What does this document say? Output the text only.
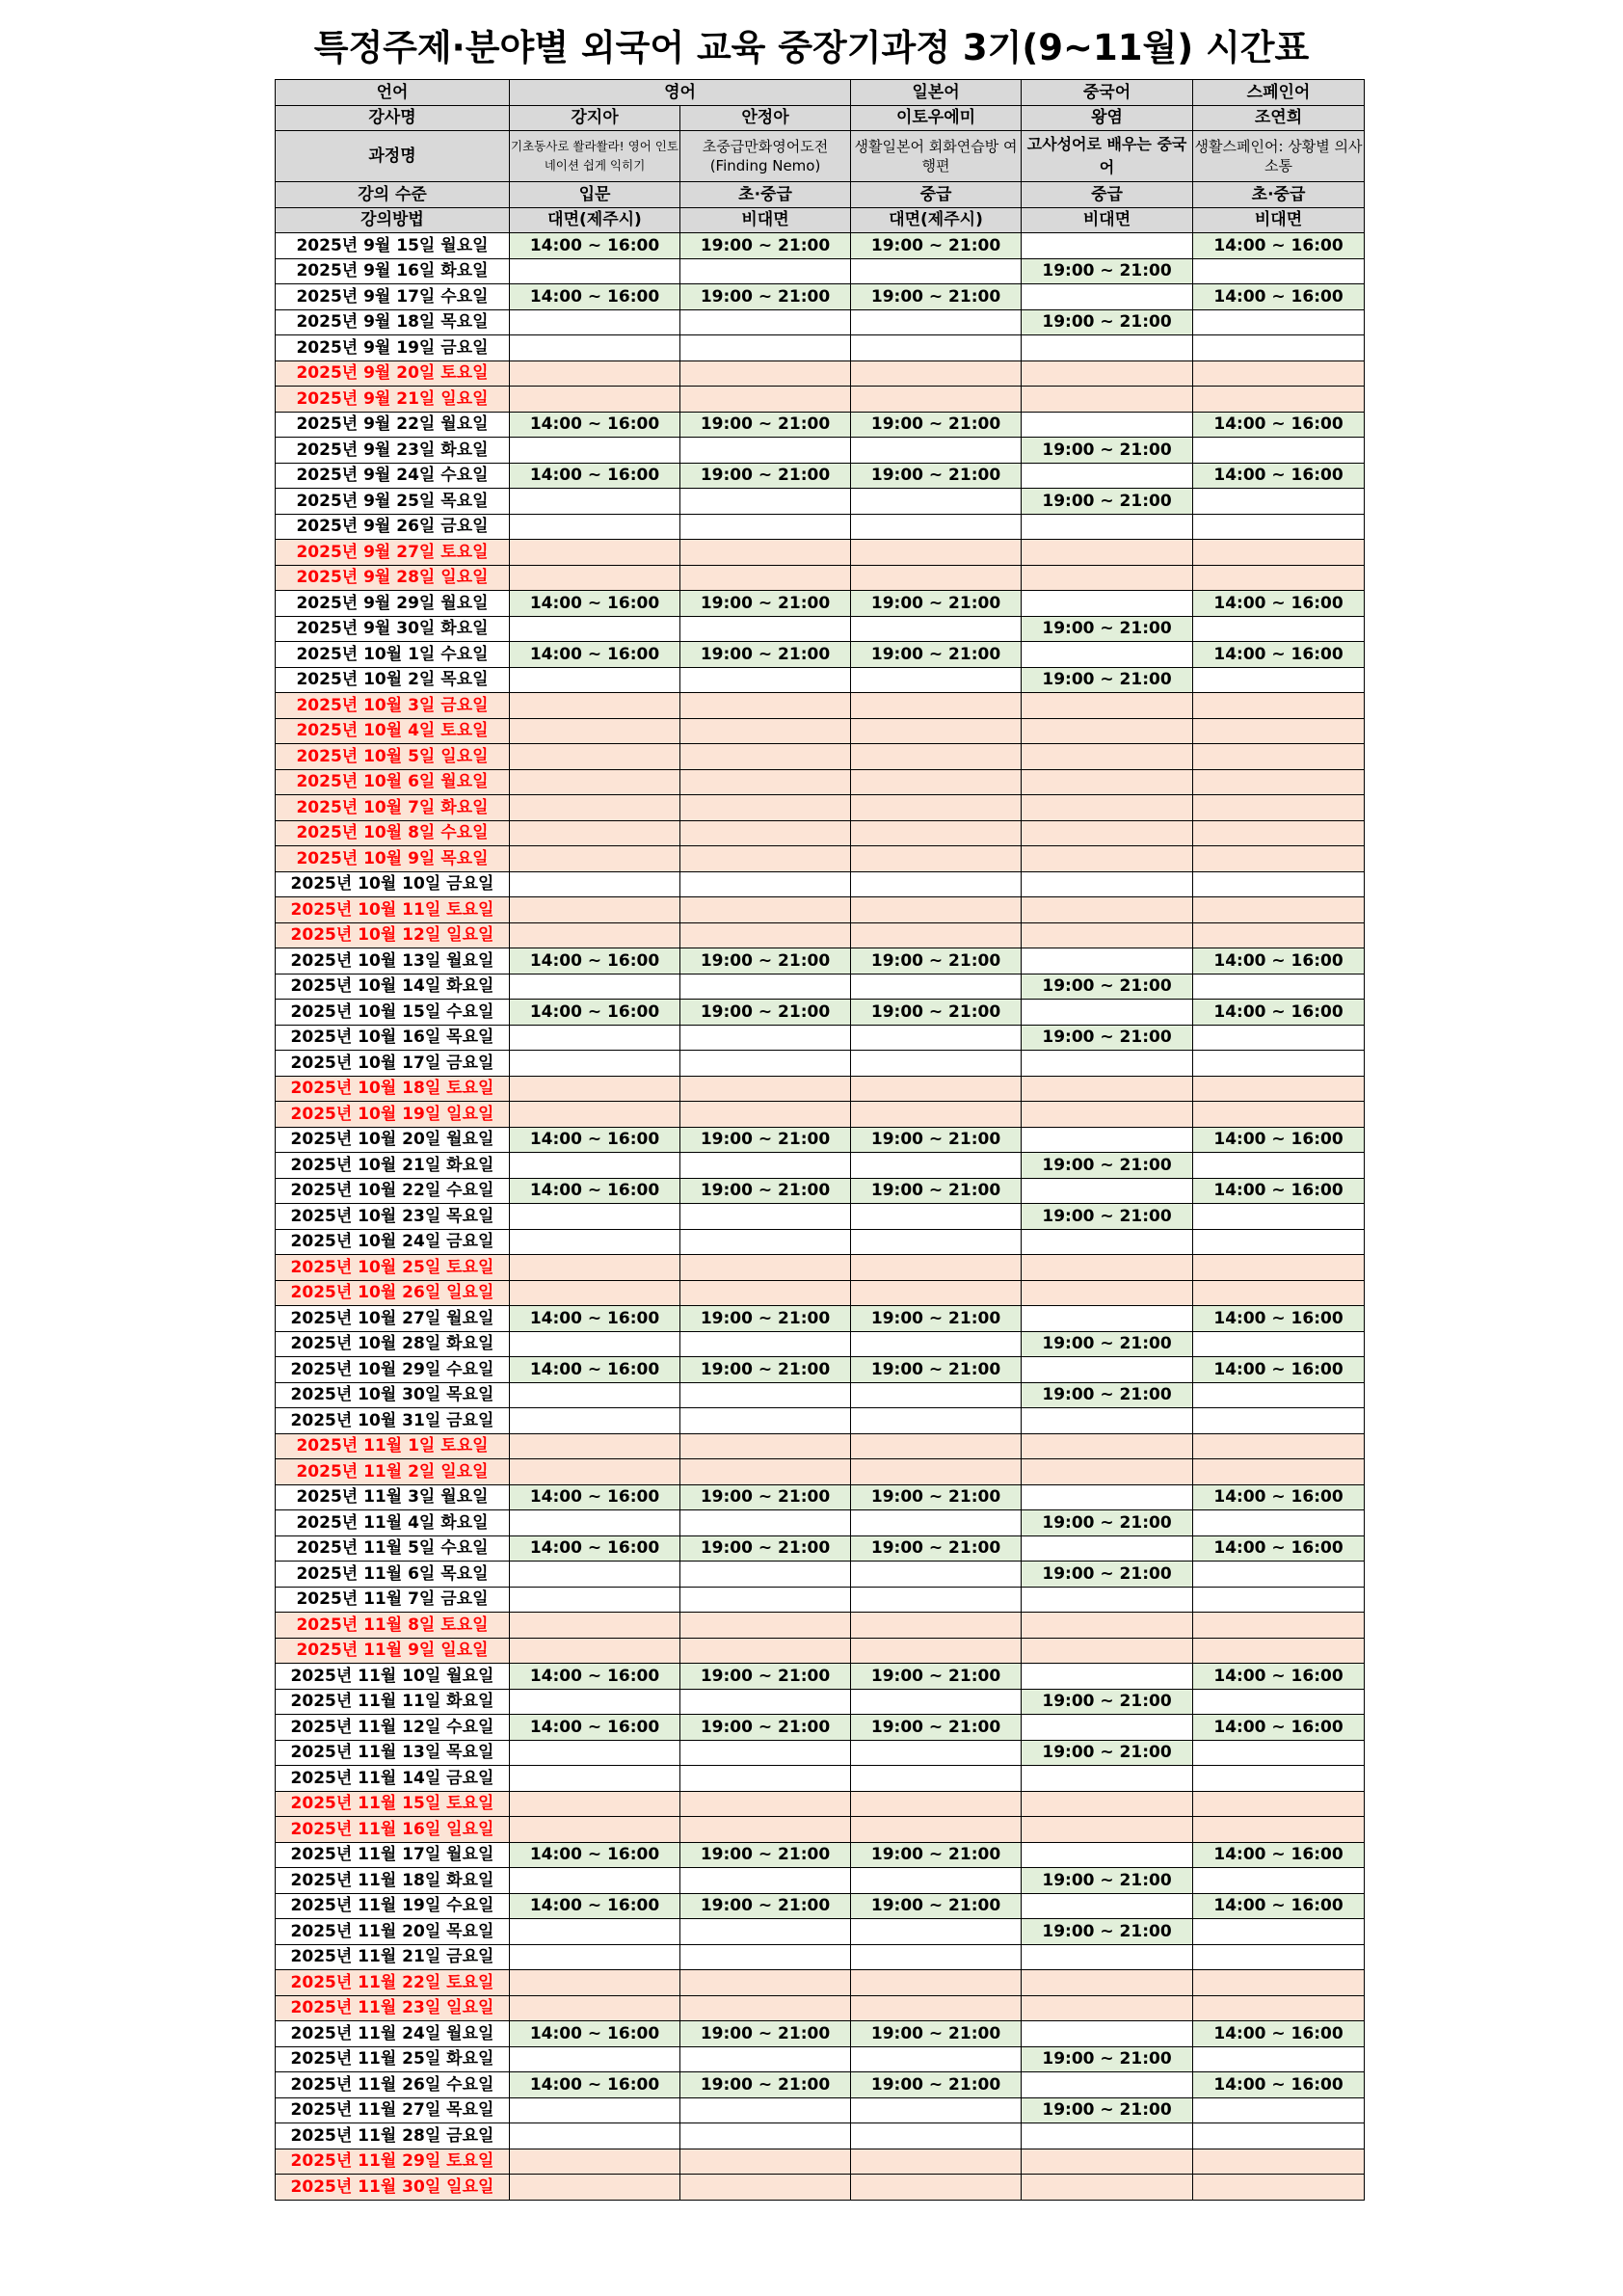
특정주제·분야별 외국어 교육 중장기과정 3기(9~11월) 시간표
언어	영어		일본어	중국어	스페인어
강사명	강지아	안정아	이토우에미	왕염	조연희
과정명	기초동사로 쏼라쏼라! 영어 인토네이션 쉽게 익히기	초중급만화영어도전 (Finding Nemo)	생활일본어 회화연습방 여행편	고사성어로 배우는 중국어	생활스페인어: 상황별 의사소통
강의 수준	입문	초·중급	중급	중급	초·중급
강의방법	대면(제주시)	비대면	대면(제주시)	비대면	비대면
2025년 9월 15일 월요일	14:00 ~ 16:00	19:00 ~ 21:00	19:00 ~ 21:00		14:00 ~ 16:00
2025년 9월 16일 화요일				19:00 ~ 21:00	
2025년 9월 17일 수요일	14:00 ~ 16:00	19:00 ~ 21:00	19:00 ~ 21:00		14:00 ~ 16:00
2025년 9월 18일 목요일				19:00 ~ 21:00	
2025년 9월 19일 금요일					
2025년 9월 20일 토요일					
2025년 9월 21일 일요일					
2025년 9월 22일 월요일	14:00 ~ 16:00	19:00 ~ 21:00	19:00 ~ 21:00		14:00 ~ 16:00
2025년 9월 23일 화요일				19:00 ~ 21:00	
2025년 9월 24일 수요일	14:00 ~ 16:00	19:00 ~ 21:00	19:00 ~ 21:00		14:00 ~ 16:00
2025년 9월 25일 목요일				19:00 ~ 21:00	
2025년 9월 26일 금요일					
2025년 9월 27일 토요일					
2025년 9월 28일 일요일					
2025년 9월 29일 월요일	14:00 ~ 16:00	19:00 ~ 21:00	19:00 ~ 21:00		14:00 ~ 16:00
2025년 9월 30일 화요일				19:00 ~ 21:00	
2025년 10월 1일 수요일	14:00 ~ 16:00	19:00 ~ 21:00	19:00 ~ 21:00		14:00 ~ 16:00
2025년 10월 2일 목요일				19:00 ~ 21:00	
2025년 10월 3일 금요일					
2025년 10월 4일 토요일					
2025년 10월 5일 일요일					
2025년 10월 6일 월요일					
2025년 10월 7일 화요일					
2025년 10월 8일 수요일					
2025년 10월 9일 목요일					
2025년 10월 10일 금요일					
2025년 10월 11일 토요일					
2025년 10월 12일 일요일					
2025년 10월 13일 월요일	14:00 ~ 16:00	19:00 ~ 21:00	19:00 ~ 21:00		14:00 ~ 16:00
2025년 10월 14일 화요일				19:00 ~ 21:00	
2025년 10월 15일 수요일	14:00 ~ 16:00	19:00 ~ 21:00	19:00 ~ 21:00		14:00 ~ 16:00
2025년 10월 16일 목요일				19:00 ~ 21:00	
2025년 10월 17일 금요일					
2025년 10월 18일 토요일					
2025년 10월 19일 일요일					
2025년 10월 20일 월요일	14:00 ~ 16:00	19:00 ~ 21:00	19:00 ~ 21:00		14:00 ~ 16:00
2025년 10월 21일 화요일				19:00 ~ 21:00	
2025년 10월 22일 수요일	14:00 ~ 16:00	19:00 ~ 21:00	19:00 ~ 21:00		14:00 ~ 16:00
2025년 10월 23일 목요일				19:00 ~ 21:00	
2025년 10월 24일 금요일					
2025년 10월 25일 토요일					
2025년 10월 26일 일요일					
2025년 10월 27일 월요일	14:00 ~ 16:00	19:00 ~ 21:00	19:00 ~ 21:00		14:00 ~ 16:00
2025년 10월 28일 화요일				19:00 ~ 21:00	
2025년 10월 29일 수요일	14:00 ~ 16:00	19:00 ~ 21:00	19:00 ~ 21:00		14:00 ~ 16:00
2025년 10월 30일 목요일				19:00 ~ 21:00	
2025년 10월 31일 금요일					
2025년 11월 1일 토요일					
2025년 11월 2일 일요일					
2025년 11월 3일 월요일	14:00 ~ 16:00	19:00 ~ 21:00	19:00 ~ 21:00		14:00 ~ 16:00
2025년 11월 4일 화요일				19:00 ~ 21:00	
2025년 11월 5일 수요일	14:00 ~ 16:00	19:00 ~ 21:00	19:00 ~ 21:00		14:00 ~ 16:00
2025년 11월 6일 목요일				19:00 ~ 21:00	
2025년 11월 7일 금요일					
2025년 11월 8일 토요일					
2025년 11월 9일 일요일					
2025년 11월 10일 월요일	14:00 ~ 16:00	19:00 ~ 21:00	19:00 ~ 21:00		14:00 ~ 16:00
2025년 11월 11일 화요일				19:00 ~ 21:00	
2025년 11월 12일 수요일	14:00 ~ 16:00	19:00 ~ 21:00	19:00 ~ 21:00		14:00 ~ 16:00
2025년 11월 13일 목요일				19:00 ~ 21:00	
2025년 11월 14일 금요일					
2025년 11월 15일 토요일					
2025년 11월 16일 일요일					
2025년 11월 17일 월요일	14:00 ~ 16:00	19:00 ~ 21:00	19:00 ~ 21:00		14:00 ~ 16:00
2025년 11월 18일 화요일				19:00 ~ 21:00	
2025년 11월 19일 수요일	14:00 ~ 16:00	19:00 ~ 21:00	19:00 ~ 21:00		14:00 ~ 16:00
2025년 11월 20일 목요일				19:00 ~ 21:00	
2025년 11월 21일 금요일					
2025년 11월 22일 토요일					
2025년 11월 23일 일요일					
2025년 11월 24일 월요일	14:00 ~ 16:00	19:00 ~ 21:00	19:00 ~ 21:00		14:00 ~ 16:00
2025년 11월 25일 화요일				19:00 ~ 21:00	
2025년 11월 26일 수요일	14:00 ~ 16:00	19:00 ~ 21:00	19:00 ~ 21:00		14:00 ~ 16:00
2025년 11월 27일 목요일				19:00 ~ 21:00	
2025년 11월 28일 금요일					
2025년 11월 29일 토요일					
2025년 11월 30일 일요일					
